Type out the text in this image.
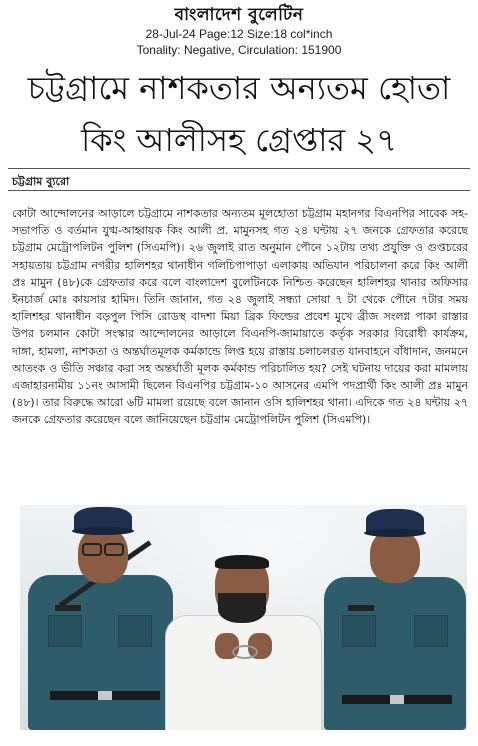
বাংলাদেশ বুলেটিন
28-Jul-24 Page:12 Size:18 col*inch
Tonality: Negative, Circulation: 151900
চট্টগ্রামে নাশকতার অন্যতম হোতা
কিং আলীসহ গ্রেপ্তার ২৭
চট্টগ্রাম ব্যুরো
কোটা আন্দোলনের আড়ালে চট্টগ্রামে নাশকতার অন্যতম মূলহোতা চট্টগ্রাম মহানগর বিএনপির সাবেক সহ-সভাপতি ও বর্তমান যুগ্ম-আহ্বায়ক কিং আলী প্র. মামুনসহ গত ২৪ ঘন্টায় ২৭ জনকে গ্রেফতার করেছে চট্টগ্রাম মেট্রোপলিটন পুলিশ (সিএমপি)। ২৬ জুলাই রাত অনুমান পৌনে ১২টায় তথ্য প্রযুক্তি ও গুপ্তচরের সহায়তায় চট্টগ্রাম নগরীর হালিশহর থানাধীন গলিচিপাপাড়া এলাকায় অভিযান পরিচালনা করে কিং আলী প্রঃ মামুন (৪৮)কে গ্রেফতার করে বলে বাংলাদেশ বুলেটিনকে নিশ্চিত করেছেন হালিশহর থানার অফিসার ইনচার্জ মোঃ কায়সার হামিদ। তিনি জানান, গত ২৪ জুলাই সন্ধ্যা সোয়া ৭ টা থেকে পৌনে ৭টার সময় হালিশহর থানাধীন বড়পুল পিসি রোডস্থ বাদশা মিয়া ব্রিক ফিল্ডের প্রবেশ মুখে ব্রীজ সংলগ্ন পাকা রাস্তার উপর চলমান কোটা সংস্কার আন্দোলনের আড়ালে বিএনপি-জামায়াতে কর্তৃক সরকার বিরোধী কার্যক্রম, দাঙ্গা, হামলা, নাশকতা ও অন্তর্ঘাতমূলক কর্মকান্ডে লিপ্ত হয়ে রাস্তায় চলাচলরত যানবাহনে বাঁধাদান, জনমনে আতংক ও ভীতি সঞ্চার করা সহ অন্তর্ঘাতী মূলক কর্মকান্ড পরিচালিত হয়? সেই ঘটনায় দায়ের করা মামলায় এজাহারনামীয় ১১নং আসামী ছিলেন বিএনপির চট্টগ্রাম-১০ আসনের এমপি পদপ্রার্থী কিং আলী প্রঃ মামুন (৪৮)। তার বিরুদ্ধে আরো ৬টি মামলা রয়েছে বলে জানান ওসি হালিশহর থানা। এদিকে গত ২৪ ঘন্টায় ২৭ জনকে গ্রেফতার করেছেন বলে জানিয়েছেন চট্টগ্রাম মেট্রোপলিটন পুলিশ (সিএমপি)।
